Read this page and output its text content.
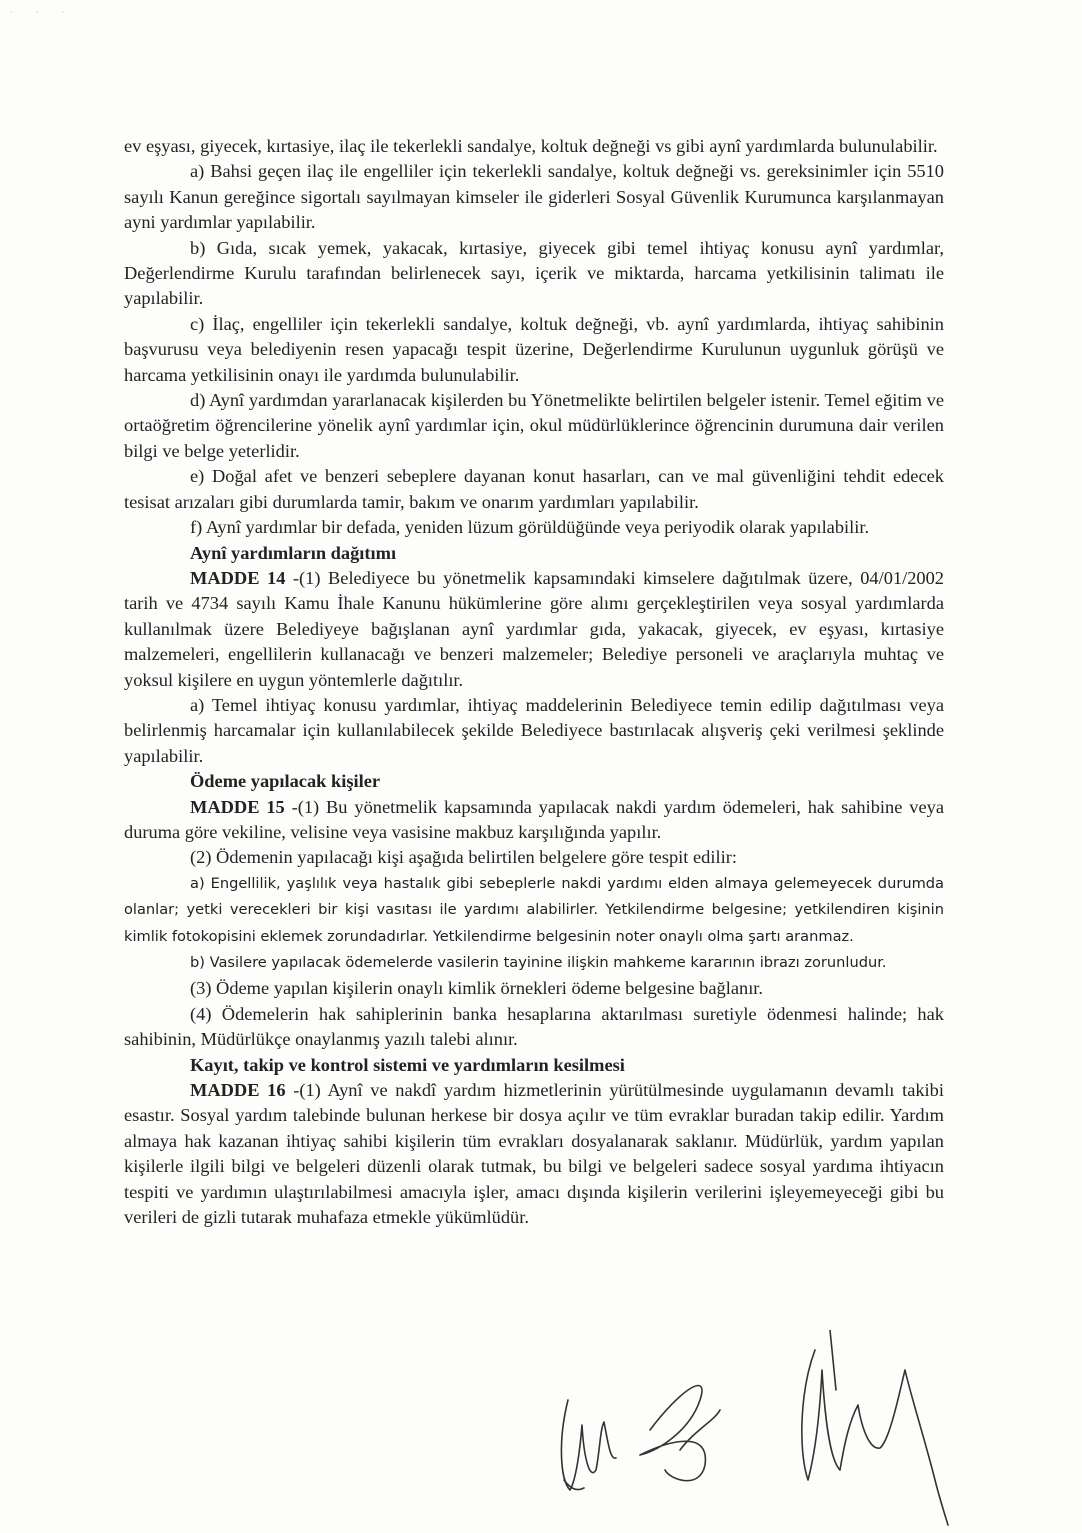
⋅ ⋅ ⋅

ev eşyası, giyecek, kırtasiye, ilaç ile tekerlekli sandalye, koltuk değneği vs gibi aynî yardımlarda bulunulabilir.

a) Bahsi geçen ilaç ile engelliler için tekerlekli sandalye, koltuk değneği vs. gereksinimler için 5510 sayılı Kanun gereğince sigortalı sayılmayan kimseler ile giderleri Sosyal Güvenlik Kurumunca karşılanmayan ayni yardımlar yapılabilir.

b) Gıda, sıcak yemek, yakacak, kırtasiye, giyecek gibi temel ihtiyaç konusu aynî yardımlar, Değerlendirme Kurulu tarafından belirlenecek sayı, içerik ve miktarda, harcama yetkilisinin talimatı ile yapılabilir.

c) İlaç, engelliler için tekerlekli sandalye, koltuk değneği, vb. aynî yardımlarda, ihtiyaç sahibinin başvurusu veya belediyenin resen yapacağı tespit üzerine, Değerlendirme Kurulunun uygunluk görüşü ve harcama yetkilisinin onayı ile yardımda bulunulabilir.

d) Aynî yardımdan yararlanacak kişilerden bu Yönetmelikte belirtilen belgeler istenir. Temel eğitim ve ortaöğretim öğrencilerine yönelik aynî yardımlar için, okul müdürlüklerince öğrencinin durumuna dair verilen bilgi ve belge yeterlidir.

e) Doğal afet ve benzeri sebeplere dayanan konut hasarları, can ve mal güvenliğini tehdit edecek tesisat arızaları gibi durumlarda tamir, bakım ve onarım yardımları yapılabilir.

f) Aynî yardımlar bir defada, yeniden lüzum görüldüğünde veya periyodik olarak yapılabilir.

Aynî yardımların dağıtımı

MADDE 14 -(1) Belediyece bu yönetmelik kapsamındaki kimselere dağıtılmak üzere, 04/01/2002 tarih ve 4734 sayılı Kamu İhale Kanunu hükümlerine göre alımı gerçekleştirilen veya sosyal yardımlarda kullanılmak üzere Belediyeye bağışlanan aynî yardımlar gıda, yakacak, giyecek, ev eşyası, kırtasiye malzemeleri, engellilerin kullanacağı ve benzeri malzemeler; Belediye personeli ve araçlarıyla muhtaç ve yoksul kişilere en uygun yöntemlerle dağıtılır.

a) Temel ihtiyaç konusu yardımlar, ihtiyaç maddelerinin Belediyece temin edilip dağıtılması veya belirlenmiş harcamalar için kullanılabilecek şekilde Belediyece bastırılacak alışveriş çeki verilmesi şeklinde yapılabilir.

Ödeme yapılacak kişiler

MADDE 15 -(1) Bu yönetmelik kapsamında yapılacak nakdi yardım ödemeleri, hak sahibine veya duruma göre vekiline, velisine veya vasisine makbuz karşılığında yapılır.

(2) Ödemenin yapılacağı kişi aşağıda belirtilen belgelere göre tespit edilir:

a) Engellilik, yaşlılık veya hastalık gibi sebeplerle nakdi yardımı elden almaya gelemeyecek durumda olanlar; yetki verecekleri bir kişi vasıtası ile yardımı alabilirler. Yetkilendirme belgesine; yetkilendiren kişinin kimlik fotokopisini eklemek zorundadırlar. Yetkilendirme belgesinin noter onaylı olma şartı aranmaz.

b) Vasilere yapılacak ödemelerde vasilerin tayinine ilişkin mahkeme kararının ibrazı zorunludur.

(3) Ödeme yapılan kişilerin onaylı kimlik örnekleri ödeme belgesine bağlanır.

(4) Ödemelerin hak sahiplerinin banka hesaplarına aktarılması suretiyle ödenmesi halinde; hak sahibinin, Müdürlükçe onaylanmış yazılı talebi alınır.

Kayıt, takip ve kontrol sistemi ve yardımların kesilmesi

MADDE 16 -(1) Aynî ve nakdî yardım hizmetlerinin yürütülmesinde uygulamanın devamlı takibi esastır. Sosyal yardım talebinde bulunan herkese bir dosya açılır ve tüm evraklar buradan takip edilir. Yardım almaya hak kazanan ihtiyaç sahibi kişilerin tüm evrakları dosyalanarak saklanır. Müdürlük, yardım yapılan kişilerle ilgili bilgi ve belgeleri düzenli olarak tutmak, bu bilgi ve belgeleri sadece sosyal yardıma ihtiyacın tespiti ve yardımın ulaştırılabilmesi amacıyla işler, amacı dışında kişilerin verilerini işleyemeyeceği gibi bu verileri de gizli tutarak muhafaza etmekle yükümlüdür.
